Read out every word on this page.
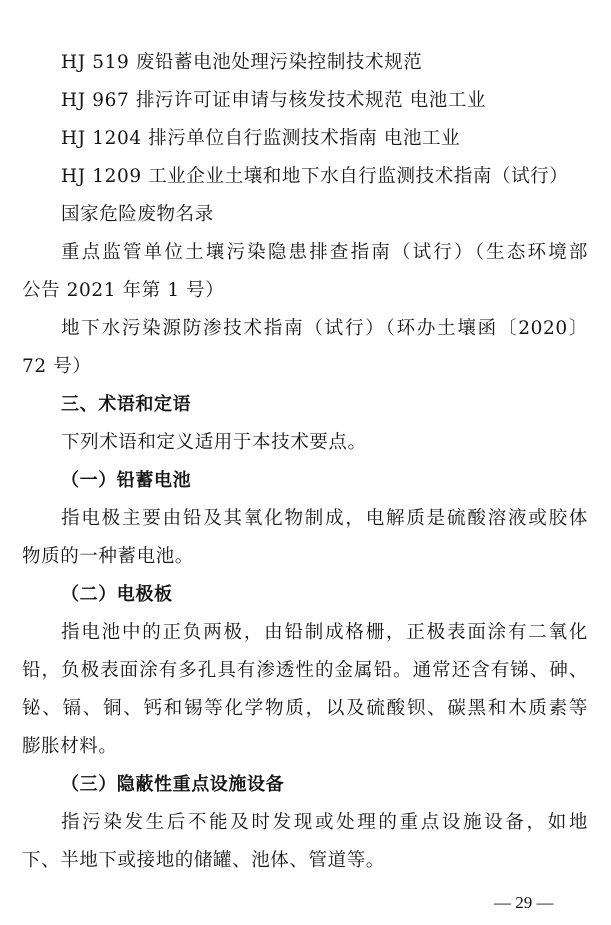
HJ 519 废铅蓄电池处理污染控制技术规范
HJ 967 排污许可证申请与核发技术规范 电池工业
HJ 1204 排污单位自行监测技术指南 电池工业
HJ 1209 工业企业土壤和地下水自行监测技术指南（试行）
国家危险废物名录
重点监管单位土壤污染隐患排查指南（试行）（生态环境部
公告 2021 年第 1 号）
地下水污染源防渗技术指南（试行）（环办土壤函〔2020〕
72 号）
三、术语和定语
下列术语和定义适用于本技术要点。
（一）铅蓄电池
指电极主要由铅及其氧化物制成，电解质是硫酸溶液或胶体
物质的一种蓄电池。
（二）电极板
指电池中的正负两极，由铅制成格栅，正极表面涂有二氧化
铅，负极表面涂有多孔具有渗透性的金属铅。通常还含有锑、砷、
铋、镉、铜、钙和锡等化学物质，以及硫酸钡、碳黑和木质素等
膨胀材料。
（三）隐蔽性重点设施设备
指污染发生后不能及时发现或处理的重点设施设备，如地
下、半地下或接地的储罐、池体、管道等。
— 29 —
